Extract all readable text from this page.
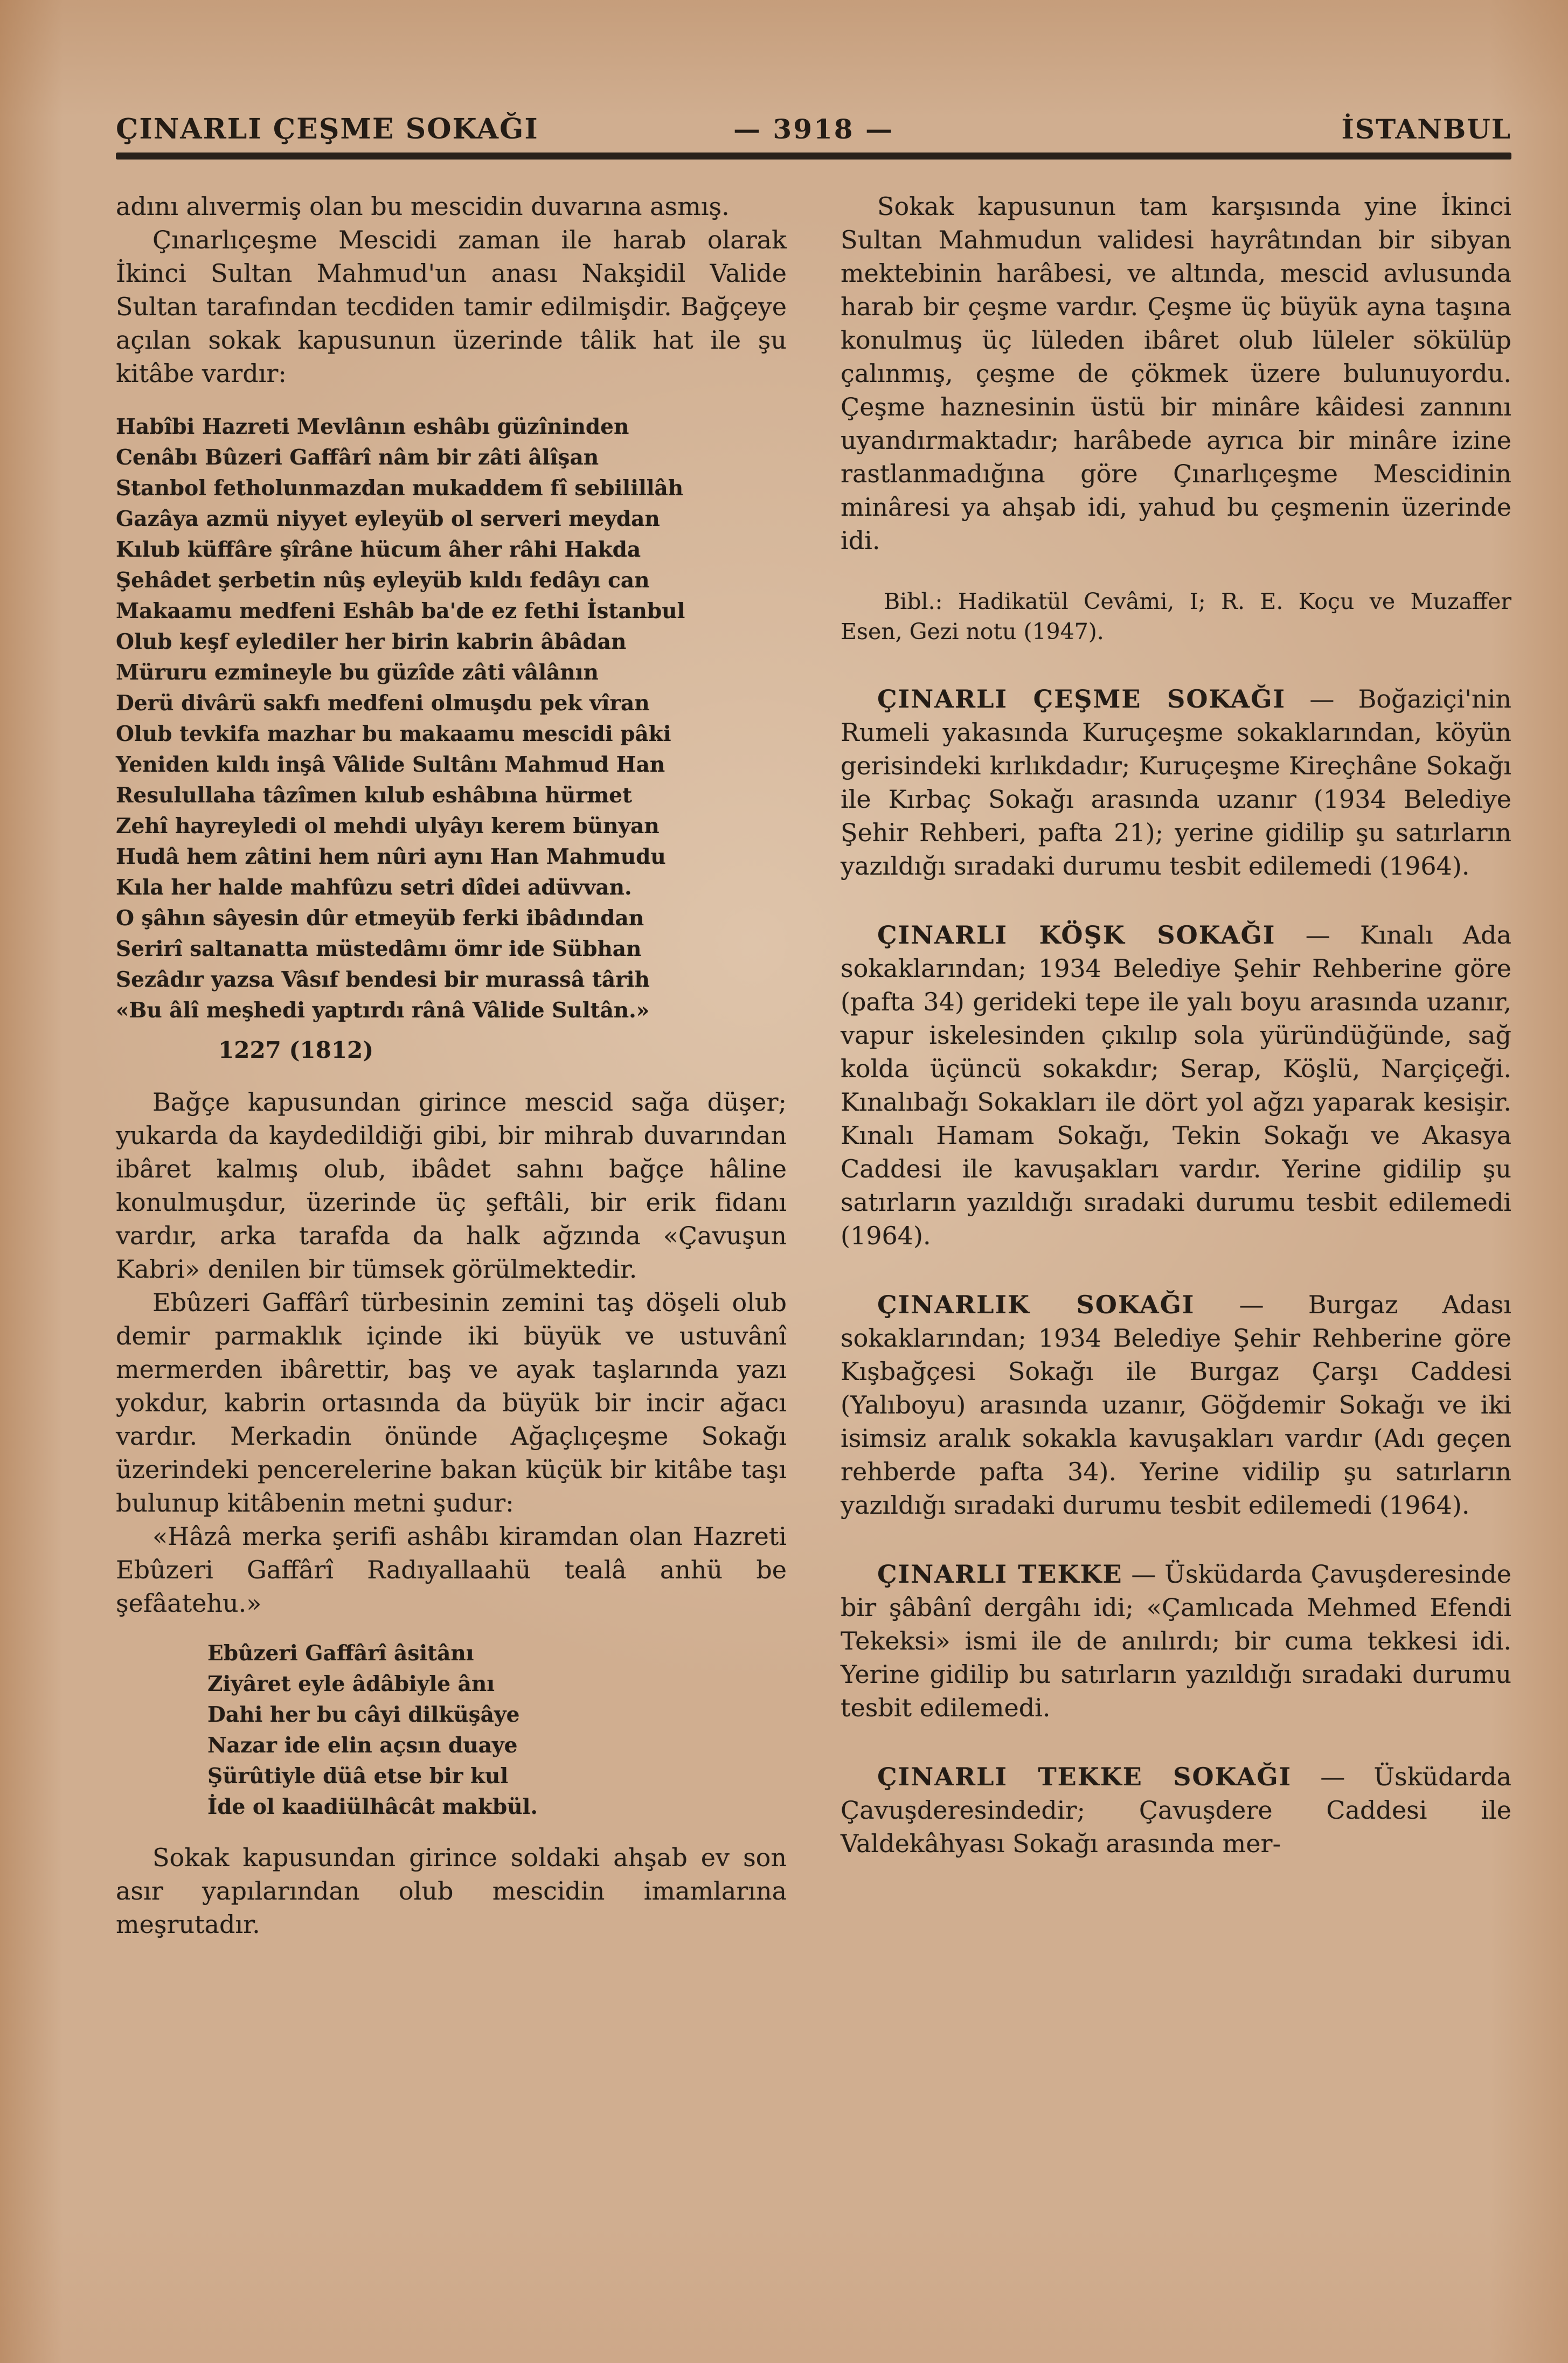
ÇINARLI ÇEŞME SOKAĞI	— 3918 —	İSTANBUL

adını alıvermiş olan bu mescidin duvarına asmış.

Çınarlıçeşme Mescidi zaman ile harab olarak İkinci Sultan Mahmud'un anası Nakşidil Valide Sultan tarafından tecdiden tamir edilmişdir. Bağçeye açılan sokak kapusunun üzerinde tâlik hat ile şu kitâbe vardır:

Habîbi Hazreti Mevlânın eshâbı güzîninden
Cenâbı Bûzeri Gaffârî nâm bir zâti âlîşan
Stanbol fetholunmazdan mukaddem fî sebilillâh
Gazâya azmü niyyet eyleyüb ol serveri meydan
Kılub küffâre şîrâne hücum âher râhi Hakda
Şehâdet şerbetin nûş eyleyüb kıldı fedâyı can
Makaamu medfeni Eshâb ba'de ez fethi İstanbul
Olub keşf eylediler her birin kabrin âbâdan
Müruru ezmineyle bu güzîde zâti vâlânın
Derü divârü sakfı medfeni olmuşdu pek vîran
Olub tevkifa mazhar bu makaamu mescidi pâki
Yeniden kıldı inşâ Vâlide Sultânı Mahmud Han
Resulullaha tâzîmen kılub eshâbına hürmet
Zehî hayreyledi ol mehdi ulyâyı kerem bünyan
Hudâ hem zâtini hem nûri aynı Han Mahmudu
Kıla her halde mahfûzu setri dîdei adüvvan.
O şâhın sâyesin dûr etmeyüb ferki ibâdından
Serirî saltanatta müstedâmı ömr ide Sübhan
Sezâdır yazsa Vâsıf bendesi bir murassâ târih
«Bu âlî meşhedi yaptırdı rânâ Vâlide Sultân.»

1227 (1812)

Bağçe kapusundan girince mescid sağa düşer; yukarda da kaydedildiği gibi, bir mihrab duvarından ibâret kalmış olub, ibâdet sahnı bağçe hâline konulmuşdur, üzerinde üç şeftâli, bir erik fidanı vardır, arka tarafda da halk ağzında «Çavuşun Kabri» denilen bir tümsek görülmektedir.

Ebûzeri Gaffârî türbesinin zemini taş döşeli olub demir parmaklık içinde iki büyük ve ustuvânî mermerden ibârettir, baş ve ayak taşlarında yazı yokdur, kabrin ortasında da büyük bir incir ağacı vardır. Merkadin önünde Ağaçlıçeşme Sokağı üzerindeki pencerelerine bakan küçük bir kitâbe taşı bulunup kitâbenin metni şudur:

«Hâzâ merka şerifi ashâbı kiramdan olan Hazreti Ebûzeri Gaffârî Radıyallaahü tealâ anhü be şefâatehu.»

Ebûzeri Gaffârî âsitânı
Ziyâret eyle âdâbiyle ânı
Dahi her bu câyi dilküşâye
Nazar ide elin açsın duaye
Şürûtiyle düâ etse bir kul
İde ol kaadiülhâcât makbül.

Sokak kapusundan girince soldaki ahşab ev son asır yapılarından olub mescidin imamlarına meşrutadır.

Sokak kapusunun tam karşısında yine İkinci Sultan Mahmudun validesi hayrâtından bir sibyan mektebinin harâbesi, ve altında, mescid avlusunda harab bir çeşme vardır. Çeşme üç büyük ayna taşına konulmuş üç lüleden ibâret olub lüleler sökülüp çalınmış, çeşme de çökmek üzere bulunuyordu. Çeşme haznesinin üstü bir minâre kâidesi zannını uyandırmaktadır; harâbede ayrıca bir minâre izine rastlanmadığına göre Çınarlıçeşme Mescidinin minâresi ya ahşab idi, yahud bu çeşmenin üzerinde idi.

Bibl.: Hadikatül Cevâmi, I; R. E. Koçu ve Muzaffer Esen, Gezi notu (1947).

ÇINARLI ÇEŞME SOKAĞI — Boğaziçi'nin Rumeli yakasında Kuruçeşme sokaklarından, köyün gerisindeki kırlıkdadır; Kuruçeşme Kireçhâne Sokağı ile Kırbaç Sokağı arasında uzanır (1934 Belediye Şehir Rehberi, pafta 21); yerine gidilip şu satırların yazıldığı sıradaki durumu tesbit edilemedi (1964).

ÇINARLI KÖŞK SOKAĞI — Kınalı Ada sokaklarından; 1934 Belediye Şehir Rehberine göre (pafta 34) gerideki tepe ile yalı boyu arasında uzanır, vapur iskelesinden çıkılıp sola yüründüğünde, sağ kolda üçüncü sokakdır; Serap, Köşlü, Narçiçeği. Kınalıbağı Sokakları ile dört yol ağzı yaparak kesişir. Kınalı Hamam Sokağı, Tekin Sokağı ve Akasya Caddesi ile kavuşakları vardır. Yerine gidilip şu satırların yazıldığı sıradaki durumu tesbit edilemedi (1964).

ÇINARLIK SOKAĞI — Burgaz Adası sokaklarından; 1934 Belediye Şehir Rehberine göre Kışbağçesi Sokağı ile Burgaz Çarşı Caddesi (Yalıboyu) arasında uzanır, Göğdemir Sokağı ve iki isimsiz aralık sokakla kavuşakları vardır (Adı geçen rehberde pafta 34). Yerine vidilip şu satırların yazıldığı sıradaki durumu tesbit edilemedi (1964).

ÇINARLI TEKKE — Üsküdarda Çavuşderesinde bir şâbânî dergâhı idi; «Çamlıcada Mehmed Efendi Tekeksi» ismi ile de anılırdı; bir cuma tekkesi idi. Yerine gidilip bu satırların yazıldığı sıradaki durumu tesbit edilemedi.

ÇINARLI TEKKE SOKAĞI — Üsküdarda Çavuşderesindedir; Çavuşdere Caddesi ile Valdekâhyası Sokağı arasında mer-
